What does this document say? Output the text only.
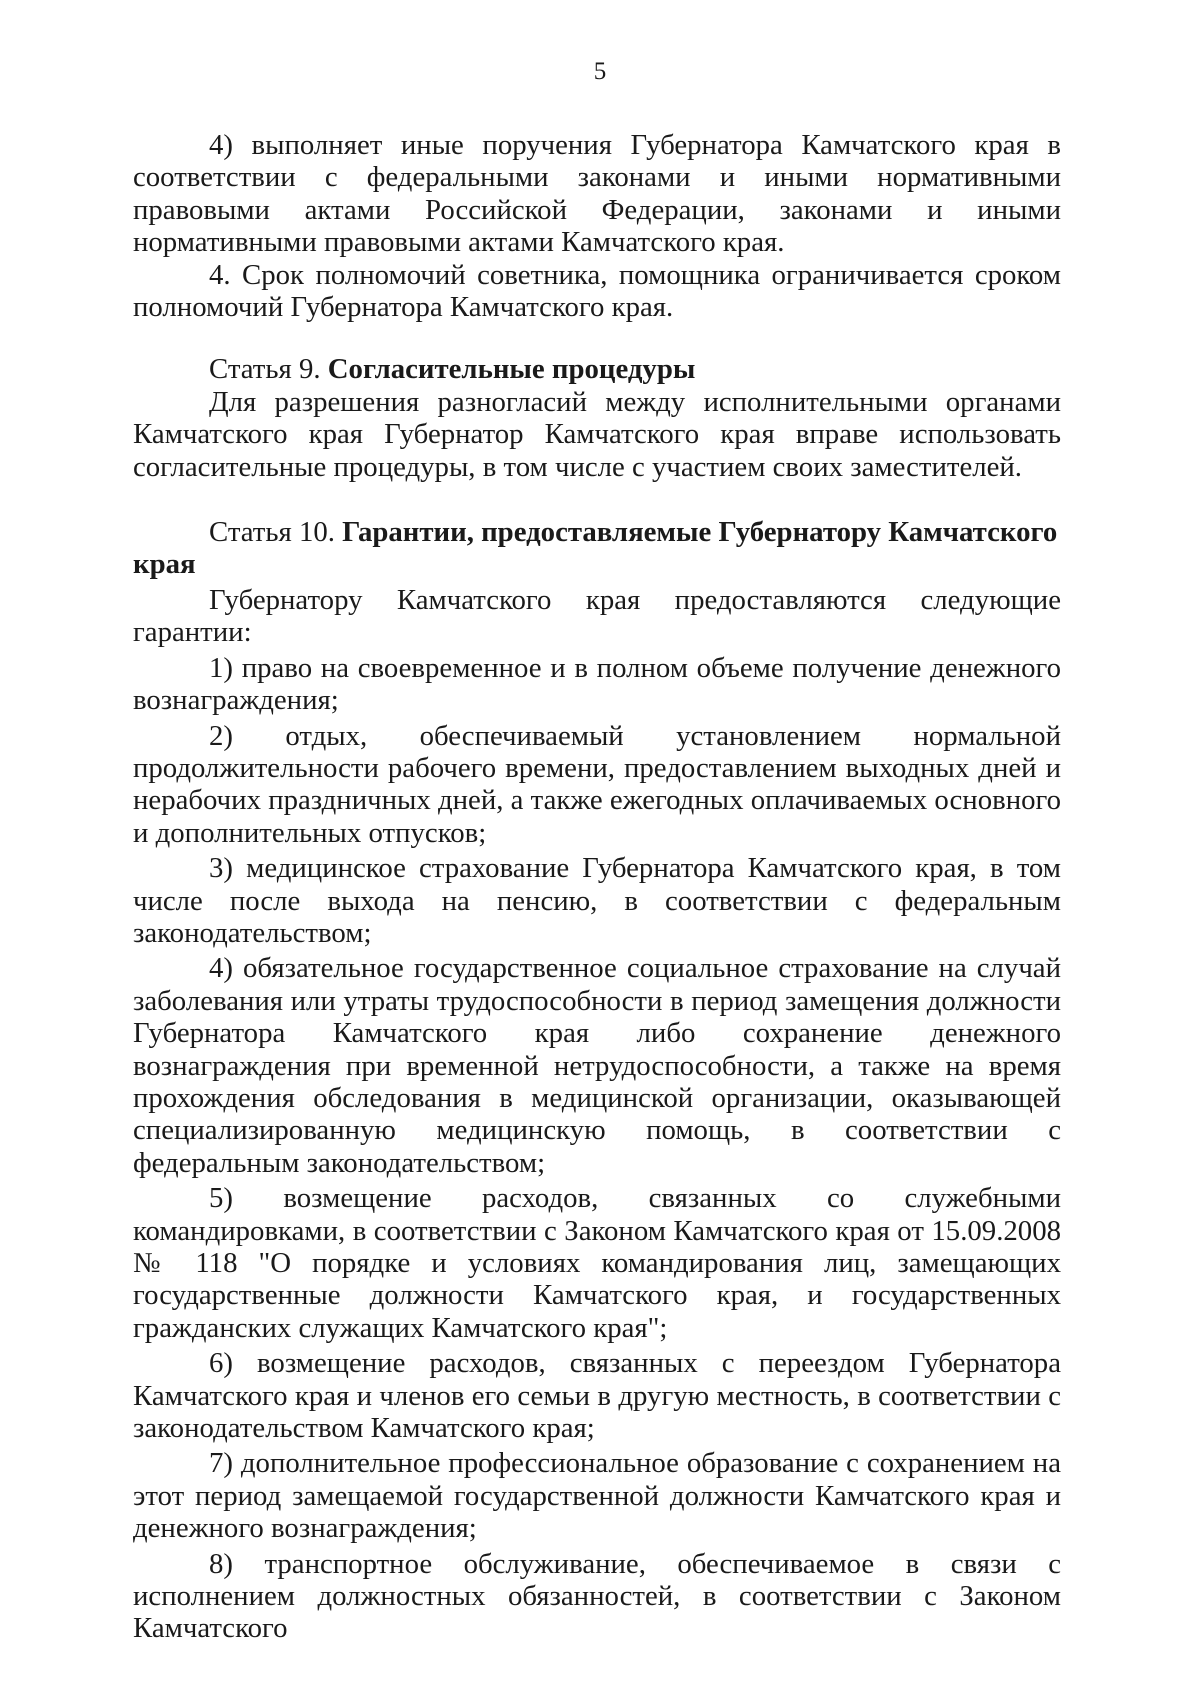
5

4) выполняет иные поручения Губернатора Камчатского края в соответствии с федеральными законами и иными нормативными правовыми актами Российской Федерации, законами и иными нормативными правовыми актами Камчатского края.

4. Срок полномочий советника, помощника ограничивается сроком полномочий Губернатора Камчатского края.

Статья 9. Согласительные процедуры

Для разрешения разногласий между исполнительными органами Камчатского края Губернатор Камчатского края вправе использовать согласительные процедуры, в том числе с участием своих заместителей.

Статья 10. Гарантии, предоставляемые Губернатору Камчатского края

Губернатору Камчатского края предоставляются следующие гарантии:

1) право на своевременное и в полном объеме получение денежного вознаграждения;

2) отдых, обеспечиваемый установлением нормальной продолжительности рабочего времени, предоставлением выходных дней и нерабочих праздничных дней, а также ежегодных оплачиваемых основного и дополнительных отпусков;

3) медицинское страхование Губернатора Камчатского края, в том числе после выхода на пенсию, в соответствии с федеральным законодательством;

4) обязательное государственное социальное страхование на случай заболевания или утраты трудоспособности в период замещения должности Губернатора Камчатского края либо сохранение денежного вознаграждения при временной нетрудоспособности, а также на время прохождения обследования в медицинской организации, оказывающей специализированную медицинскую помощь, в соответствии с федеральным законодательством;

5) возмещение расходов, связанных со служебными командировками, в соответствии с Законом Камчатского края от 15.09.2008 № 118 "О порядке и условиях командирования лиц, замещающих государственные должности Камчатского края, и государственных гражданских служащих Камчатского края";

6) возмещение расходов, связанных с переездом Губернатора Камчатского края и членов его семьи в другую местность, в соответствии с законодательством Камчатского края;

7) дополнительное профессиональное образование с сохранением на этот период замещаемой государственной должности Камчатского края и денежного вознаграждения;

8) транспортное обслуживание, обеспечиваемое в связи с исполнением должностных обязанностей, в соответствии с Законом Камчатского
